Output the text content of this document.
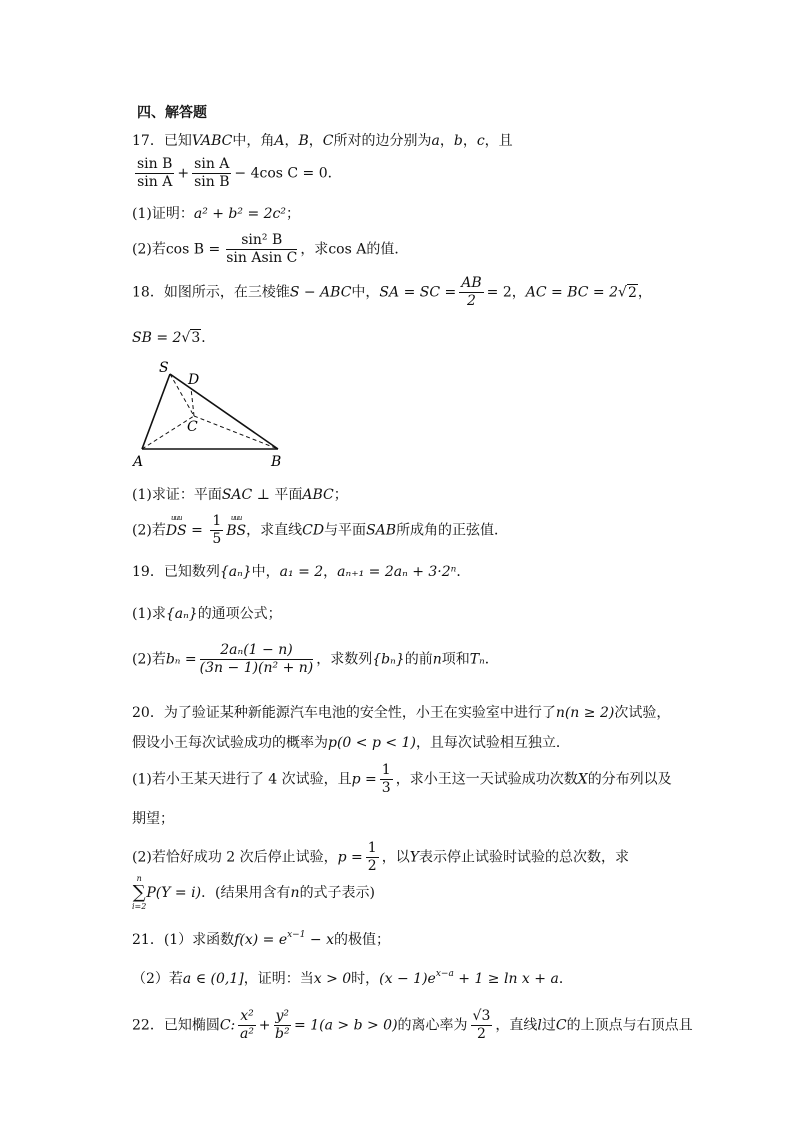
四、解答题
17．已知VABC中，角A，B，C所对的边分别为a，b，c，且
$\frac{\text{sin B}}{\text{sin A}} + \frac{\text{sin A}}{\text{sin B}} - 4\cos$ C = 0．
(1)证明：a² + b² = 2c²；
(2)若$\cos B = \frac{\text{sin² B}}{\text{sin Asin C}}$ ，求cos A的值．
18．如图所示，在三棱锥S − ABC中，SA = SC = $\frac{AB}{2} = 2$，AC = BC = 2√2，
SB = 2√3．
S
D
C
A	B
(1)求证：平面SAC ⊥ 平面ABC；
(2)若
uuu
DS = $\frac{1}{5}$	uuu
BS，求直线CD与平面SAB所成角的正弦值．
19．已知数列{aₙ}中，a₁ = 2，aₙ₊₁ = 2aₙ + 3·2ⁿ．
(1)求{aₙ}的通项公式；
(2)若$b_n = \frac{\text{2aₙ(1 − n)}}{\text{(3n − 1)(n² + n)}}$ ，求数列{bₙ}的前n项和Tₙ．
20．为了验证某种新能源汽车电池的安全性，小王在实验室中进行了n(n ≥ 2)次试验，
假设小王每次试验成功的概率为p(0 < p < 1)，且每次试验相互独立．
(1)若小王某天进行了 4 次试验，且$p = \frac{1}{3}$ ，求小王这一天试验成功次数X的分布列以及
期望；
(2)若恰好成功 2 次后停止试验，$p = \frac{1}{2}$ ，以Y表示停止试验时试验的总次数，求
n
∑
i=2
P(Y = i)．(结果用含有n的式子表示)
21．(1）求函数$f(x) = e^{x-1} - x$的极值；
（2）若a ∈ (0,1]，证明：当x > 0时，$(x - 1)e^{x-a} + 1 \ge \ln x + a$．
22．已知椭圆C: $\frac{\text{x²}}{\text{a²}} + \frac{\text{y²}}{\text{b²}} = 1(a > b > 0)$的离心率为 $\frac{√3}{2}$ ，直线l过C的上顶点与右顶点且
